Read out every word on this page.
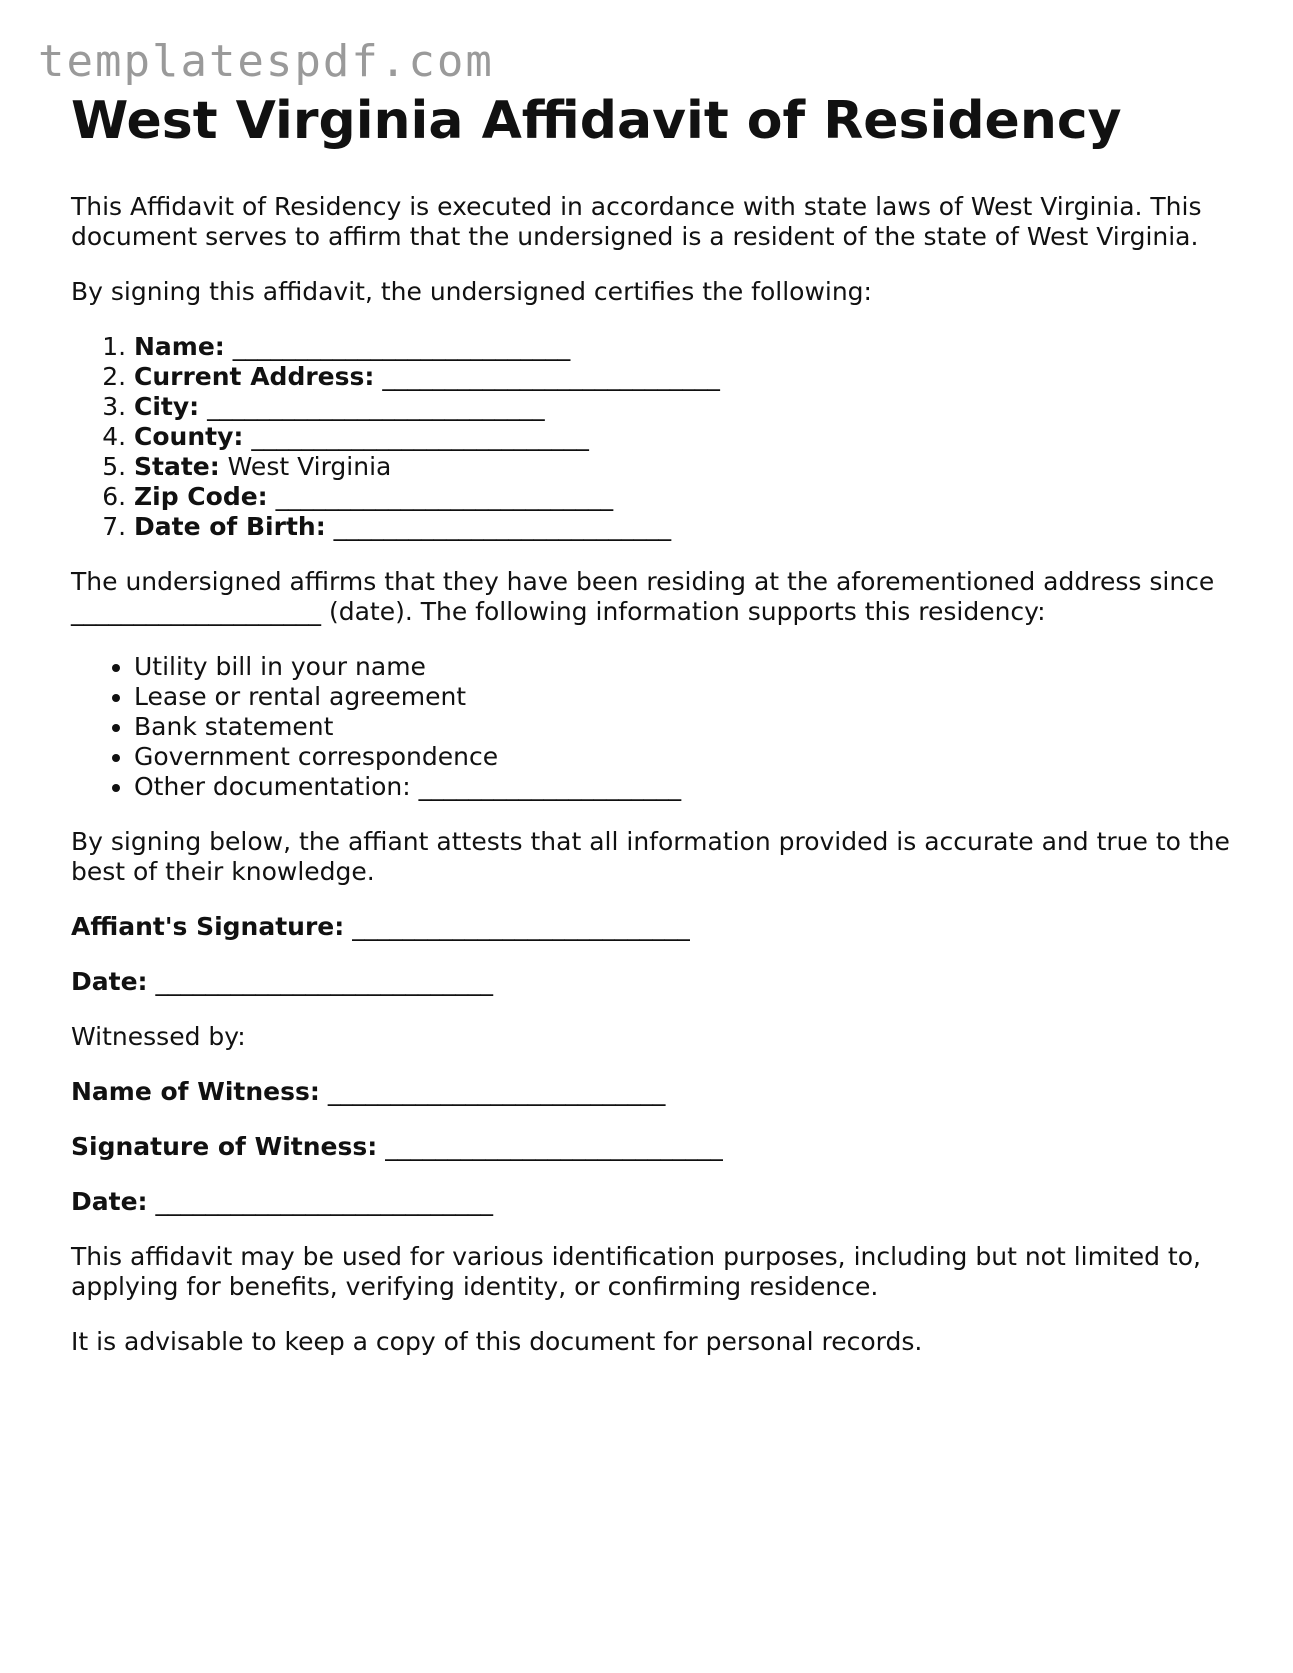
templatespdf.com
West Virginia Affidavit of Residency

This Affidavit of Residency is executed in accordance with state laws of West Virginia. This document serves to affirm that the undersigned is a resident of the state of West Virginia.

By signing this affidavit, the undersigned certifies the following:

1. Name: ___________________________
2. Current Address: ___________________________
3. City: ___________________________
4. County: ___________________________
5. State: West Virginia
6. Zip Code: ___________________________
7. Date of Birth: ___________________________

The undersigned affirms that they have been residing at the aforementioned address since ____________________ (date). The following information supports this residency:

• Utility bill in your name
• Lease or rental agreement
• Bank statement
• Government correspondence
• Other documentation: _____________________

By signing below, the affiant attests that all information provided is accurate and true to the best of their knowledge.

Affiant's Signature: ___________________________

Date: ___________________________

Witnessed by:

Name of Witness: ___________________________

Signature of Witness: ___________________________

Date: ___________________________

This affidavit may be used for various identification purposes, including but not limited to, applying for benefits, verifying identity, or confirming residence.

It is advisable to keep a copy of this document for personal records.
